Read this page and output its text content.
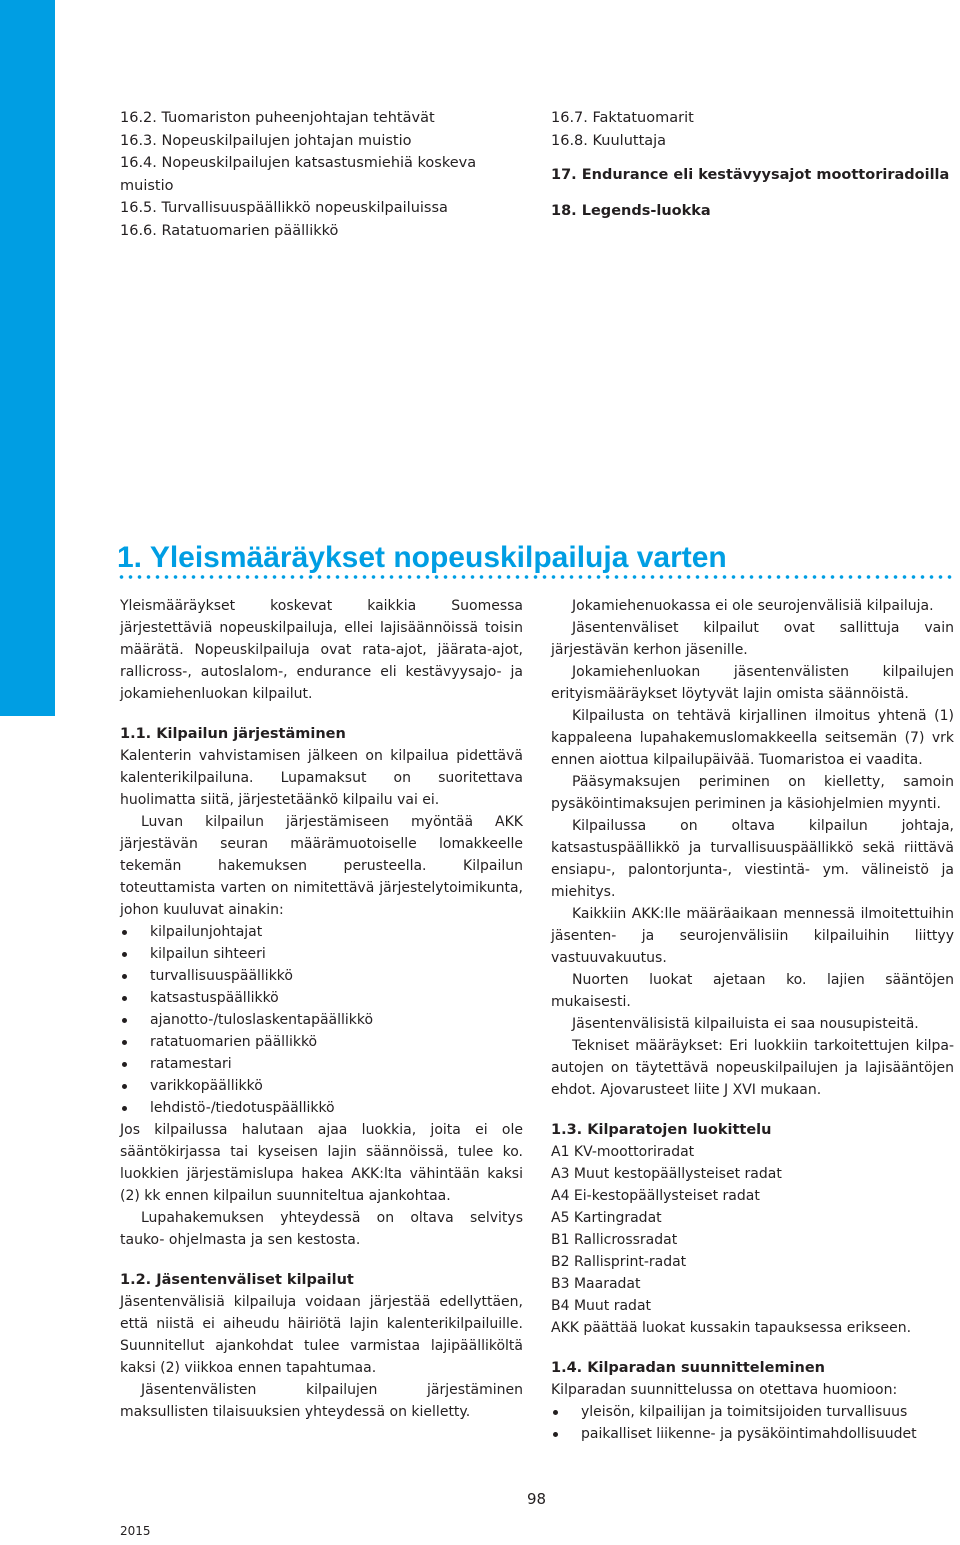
16.2. Tuomariston puheenjohtajan tehtävät
16.3. Nopeuskilpailujen johtajan muistio
16.4. Nopeuskilpailujen katsastusmiehiä koskeva
muistio
16.5. Turvallisuuspäällikkö nopeuskilpailuissa
16.6. Ratatuomarien päällikkö
16.7. Faktatuomarit
16.8. Kuuluttaja
17. Endurance eli kestävyysajot moottoriradoilla
18. Legends-luokka
1. Yleismääräykset nopeuskilpailuja varten

Yleismääräykset koskevat kaikkia Suomessa järjestettäviä nopeuskilpailuja, ellei lajisäännöissä toisin määrätä. Nopeuskilpailuja ovat rata-ajot, jäärata-ajot, rallicross-, autoslalom-, endurance eli kestävyysajo- ja jokamiehenluokan kilpailut.

1.1. Kilpailun järjestäminen

Kalenterin vahvistamisen jälkeen on kilpailua pidettävä kalenterikilpailuna. Lupamaksut on suoritettava huolimatta siitä, järjestetäänkö kilpailu vai ei.

Luvan kilpailun järjestämiseen myöntää AKK järjestävän seuran määrämuotoiselle lomakkeelle tekemän hakemuksen perusteella. Kilpailun toteuttamista varten on nimitettävä järjestelytoimikunta, johon kuuluvat ainakin:

kilpailunjohtajat
kilpailun sihteeri
turvallisuuspäällikkö
katsastuspäällikkö
ajanotto-/tuloslaskentapäällikkö
ratatuomarien päällikkö
ratamestari
varikkopäällikkö
lehdistö-/tiedotuspäällikkö

Jos kilpailussa halutaan ajaa luokkia, joita ei ole sääntökirjassa tai kyseisen lajin säännöissä, tulee ko. luokkien järjestämislupa hakea AKK:lta vähintään kaksi (2) kk ennen kilpailun suunniteltua ajankohtaa.

Lupahakemuksen yhteydessä on oltava selvitys tauko- ohjelmasta ja sen kestosta.

1.2. Jäsentenväliset kilpailut

Jäsentenvälisiä kilpailuja voidaan järjestää edellyttäen, että niistä ei aiheudu häiriötä lajin kalenterikilpailuille. Suunnitellut ajankohdat tulee varmistaa lajipäälliköltä kaksi (2) viikkoa ennen tapahtumaa.

Jäsentenvälisten kilpailujen järjestäminen maksullisten tilaisuuksien yhteydessä on kielletty.

Jokamiehenuokassa ei ole seurojenvälisiä kilpailuja.

Jäsentenväliset kilpailut ovat sallittuja vain järjestävän kerhon jäsenille.

Jokamiehenluokan jäsentenvälisten kilpailujen erityismääräykset löytyvät lajin omista säännöistä.

Kilpailusta on tehtävä kirjallinen ilmoitus yhtenä (1) kappaleena lupahakemuslomakkeella seitsemän (7) vrk ennen aiottua kilpailupäivää. Tuomaristoa ei vaadita.

Pääsymaksujen periminen on kielletty, samoin pysäköintimaksujen periminen ja käsiohjelmien myynti.

Kilpailussa on oltava kilpailun johtaja, katsastuspäällikkö ja turvallisuuspäällikkö sekä riittävä ensiapu-, palontorjunta-, viestintä- ym. välineistö ja miehitys.

Kaikkiin AKK:lle määräaikaan mennessä ilmoitettuihin jäsenten- ja seurojenvälisiin kilpailuihin liittyy vastuuvakuutus.

Nuorten luokat ajetaan ko. lajien sääntöjen mukaisesti.

Jäsentenvälisistä kilpailuista ei saa nousupisteitä.

Tekniset määräykset: Eri luokkiin tarkoitettujen kilpa-autojen on täytettävä nopeuskilpailujen ja lajisääntöjen ehdot. Ajovarusteet liite J XVI mukaan.

1.3. Kilparatojen luokittelu
A1 KV-moottoriradat
A3 Muut kestopäällysteiset radat
A4 Ei-kestopäällysteiset radat
A5 Kartingradat
B1 Rallicrossradat
B2 Rallisprint-radat
B3 Maaradat
B4 Muut radat
AKK päättää luokat kussakin tapauksessa erikseen.
1.4. Kilparadan suunnitteleminen
Kilparadan suunnittelussa on otettava huomioon:
yleisön, kilpailijan ja toimitsijoiden turvallisuus
paikalliset liikenne- ja pysäköintimahdollisuudet
98
2015
